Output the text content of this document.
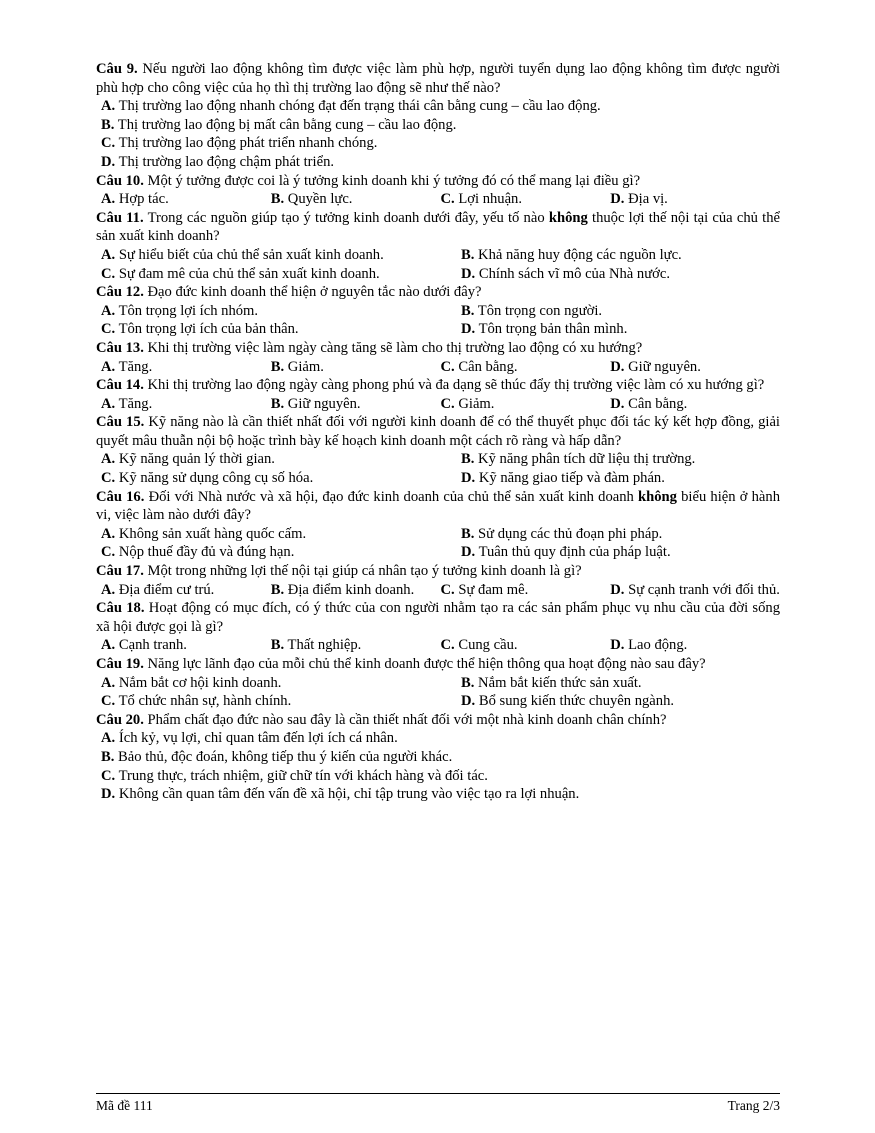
Câu 9. Nếu người lao động không tìm được việc làm phù hợp, người tuyển dụng lao động không tìm được người phù hợp cho công việc của họ thì thị trường lao động sẽ như thế nào?

A. Thị trường lao động nhanh chóng đạt đến trạng thái cân bằng cung – cầu lao động.
B. Thị trường lao động bị mất cân bằng cung – cầu lao động.
C. Thị trường lao động phát triển nhanh chóng.
D. Thị trường lao động chậm phát triển.

Câu 10. Một ý tưởng được coi là ý tưởng kinh doanh khi ý tưởng đó có thể mang lại điều gì?

A. Hợp tác.	B. Quyền lực.	C. Lợi nhuận.	D. Địa vị.

Câu 11. Trong các nguồn giúp tạo ý tưởng kinh doanh dưới đây, yếu tố nào không thuộc lợi thế nội tại của chủ thể sản xuất kinh doanh?

A. Sự hiểu biết của chủ thể sản xuất kinh doanh.	B. Khả năng huy động các nguồn lực.
C. Sự đam mê của chủ thể sản xuất kinh doanh.	D. Chính sách vĩ mô của Nhà nước.

Câu 12. Đạo đức kinh doanh thể hiện ở nguyên tắc nào dưới đây?

A. Tôn trọng lợi ích nhóm.	B. Tôn trọng con người.
C. Tôn trọng lợi ích của bản thân.	D. Tôn trọng bản thân mình.

Câu 13. Khi thị trường việc làm ngày càng tăng sẽ làm cho thị trường lao động có xu hướng?

A. Tăng.	B. Giảm.	C. Cân bằng.	D. Giữ nguyên.

Câu 14. Khi thị trường lao động ngày càng phong phú và đa dạng sẽ thúc đẩy thị trường việc làm có xu hướng gì?

A. Tăng.	B. Giữ nguyên.	C. Giảm.	D. Cân bằng.

Câu 15. Kỹ năng nào là cần thiết nhất đối với người kinh doanh để có thể thuyết phục đối tác ký kết hợp đồng, giải quyết mâu thuẫn nội bộ hoặc trình bày kế hoạch kinh doanh một cách rõ ràng và hấp dẫn?

A. Kỹ năng quản lý thời gian.	B. Kỹ năng phân tích dữ liệu thị trường.
C. Kỹ năng sử dụng công cụ số hóa.	D. Kỹ năng giao tiếp và đàm phán.

Câu 16. Đối với Nhà nước và xã hội, đạo đức kinh doanh của chủ thể sản xuất kinh doanh không biểu hiện ở hành vi, việc làm nào dưới đây?

A. Không sản xuất hàng quốc cấm.	B. Sử dụng các thủ đoạn phi pháp.
C. Nộp thuế đầy đủ và đúng hạn.	D. Tuân thủ quy định của pháp luật.

Câu 17. Một trong những lợi thế nội tại giúp cá nhân tạo ý tưởng kinh doanh là gì?

A. Địa điểm cư trú.	B. Địa điểm kinh doanh.	C. Sự đam mê.	D. Sự cạnh tranh với đối thủ.

Câu 18. Hoạt động có mục đích, có ý thức của con người nhằm tạo ra các sản phẩm phục vụ nhu cầu của đời sống xã hội được gọi là gì?

A. Cạnh tranh.	B. Thất nghiệp.	C. Cung cầu.	D. Lao động.

Câu 19. Năng lực lãnh đạo của mỗi chủ thể kinh doanh được thể hiện thông qua hoạt động nào sau đây?

A. Nắm bắt cơ hội kinh doanh.	B. Nắm bắt kiến thức sản xuất.
C. Tổ chức nhân sự, hành chính.	D. Bổ sung kiến thức chuyên ngành.

Câu 20. Phẩm chất đạo đức nào sau đây là cần thiết nhất đối với một nhà kinh doanh chân chính?

A. Ích kỷ, vụ lợi, chỉ quan tâm đến lợi ích cá nhân.
B. Bảo thủ, độc đoán, không tiếp thu ý kiến của người khác.
C. Trung thực, trách nhiệm, giữ chữ tín với khách hàng và đối tác.
D. Không cần quan tâm đến vấn đề xã hội, chỉ tập trung vào việc tạo ra lợi nhuận.
Mã đề 111	Trang 2/3
